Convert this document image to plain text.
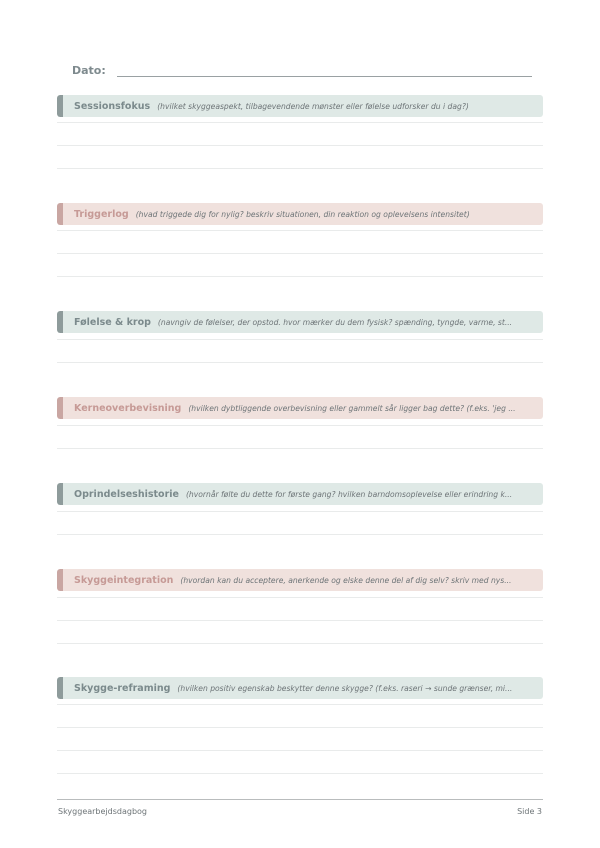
Dato:
Sessionsfokus (hvilket skyggeaspekt, tilbagevendende mønster eller følelse udforsker du i dag?)
Triggerlog (hvad triggede dig for nylig? beskriv situationen, din reaktion og oplevelsens intensitet)
Følelse & krop (navngiv de følelser, der opstod. hvor mærker du dem fysisk? spænding, tyngde, varme, st...
Kerneoverbevisning (hvilken dybtliggende overbevisning eller gammelt sår ligger bag dette? (f.eks. 'jeg ...
Oprindelseshistorie (hvornår følte du dette for første gang? hvilken barndomsoplevelse eller erindring k...
Skyggeintegration (hvordan kan du acceptere, anerkende og elske denne del af dig selv? skriv med nys...
Skygge-reframing (hvilken positiv egenskab beskytter denne skygge? (f.eks. raseri → sunde grænser, mi...
Skyggearbejdsdagbog	Side 3
